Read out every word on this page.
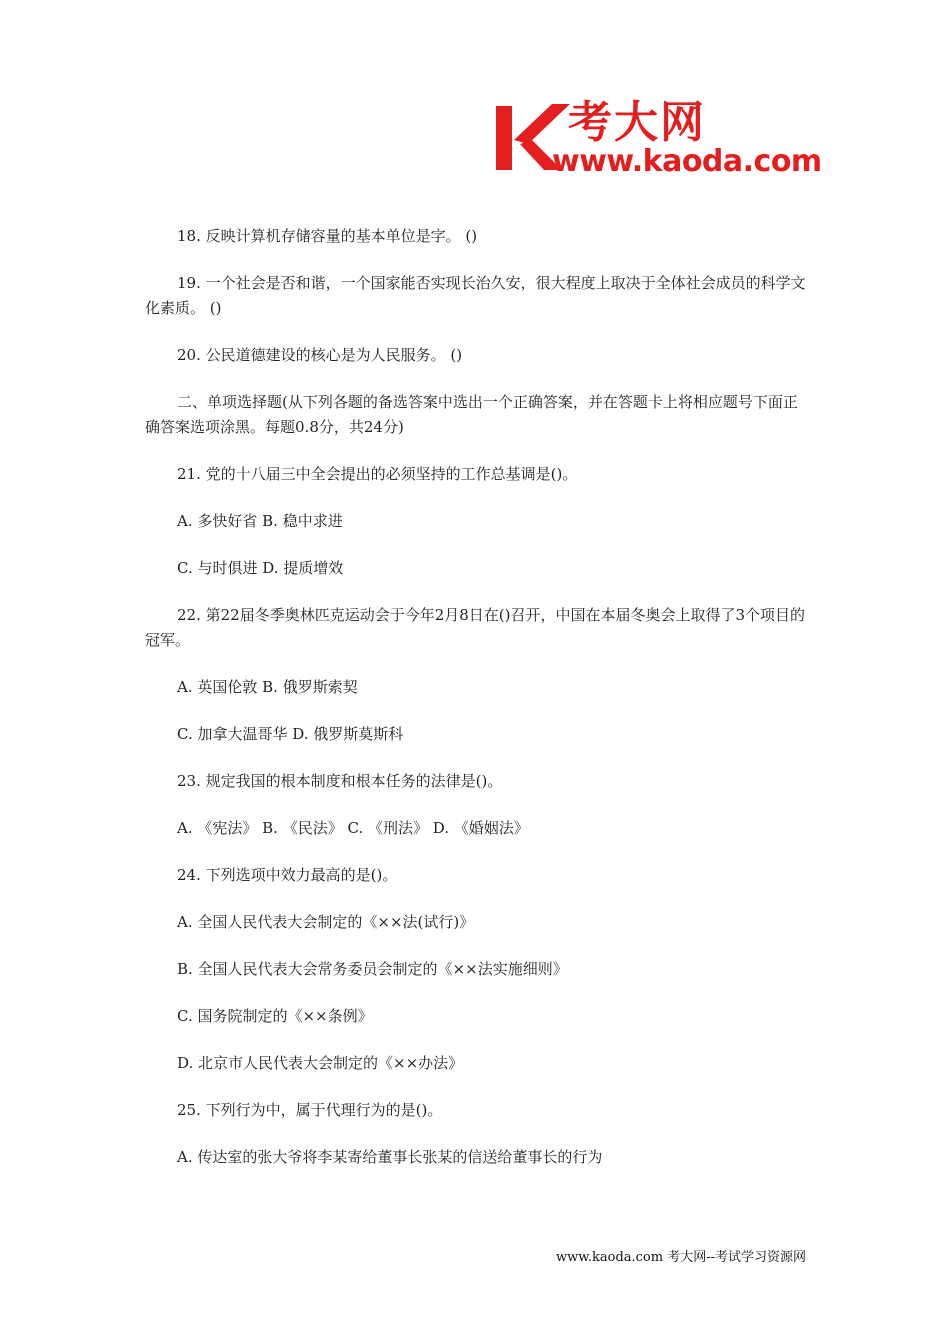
考大网
www.kaoda.com

18. 反映计算机存储容量的基本单位是字。 ()

19. 一个社会是否和谐，一个国家能否实现长治久安，很大程度上取决于全体社会成员的科学文化素质。 ()

20. 公民道德建设的核心是为人民服务。 ()

二、单项选择题(从下列各题的备选答案中选出一个正确答案，并在答题卡上将相应题号下面正确答案选项涂黑。每题0.8分，共24分)

21. 党的十八届三中全会提出的必须坚持的工作总基调是()。

A. 多快好省 B. 稳中求进

C. 与时俱进 D. 提质增效

22. 第22届冬季奥林匹克运动会于今年2月8日在()召开，中国在本届冬奥会上取得了3个项目的冠军。

A. 英国伦敦 B. 俄罗斯索契

C. 加拿大温哥华 D. 俄罗斯莫斯科

23. 规定我国的根本制度和根本任务的法律是()。

A. 《宪法》 B. 《民法》 C. 《刑法》 D. 《婚姻法》

24. 下列选项中效力最高的是()。

A. 全国人民代表大会制定的《××法(试行)》

B. 全国人民代表大会常务委员会制定的《××法实施细则》

C. 国务院制定的《××条例》

D. 北京市人民代表大会制定的《××办法》

25. 下列行为中，属于代理行为的是()。

A. 传达室的张大爷将李某寄给董事长张某的信送给董事长的行为

www.kaoda.com 考大网--考试学习资源网
